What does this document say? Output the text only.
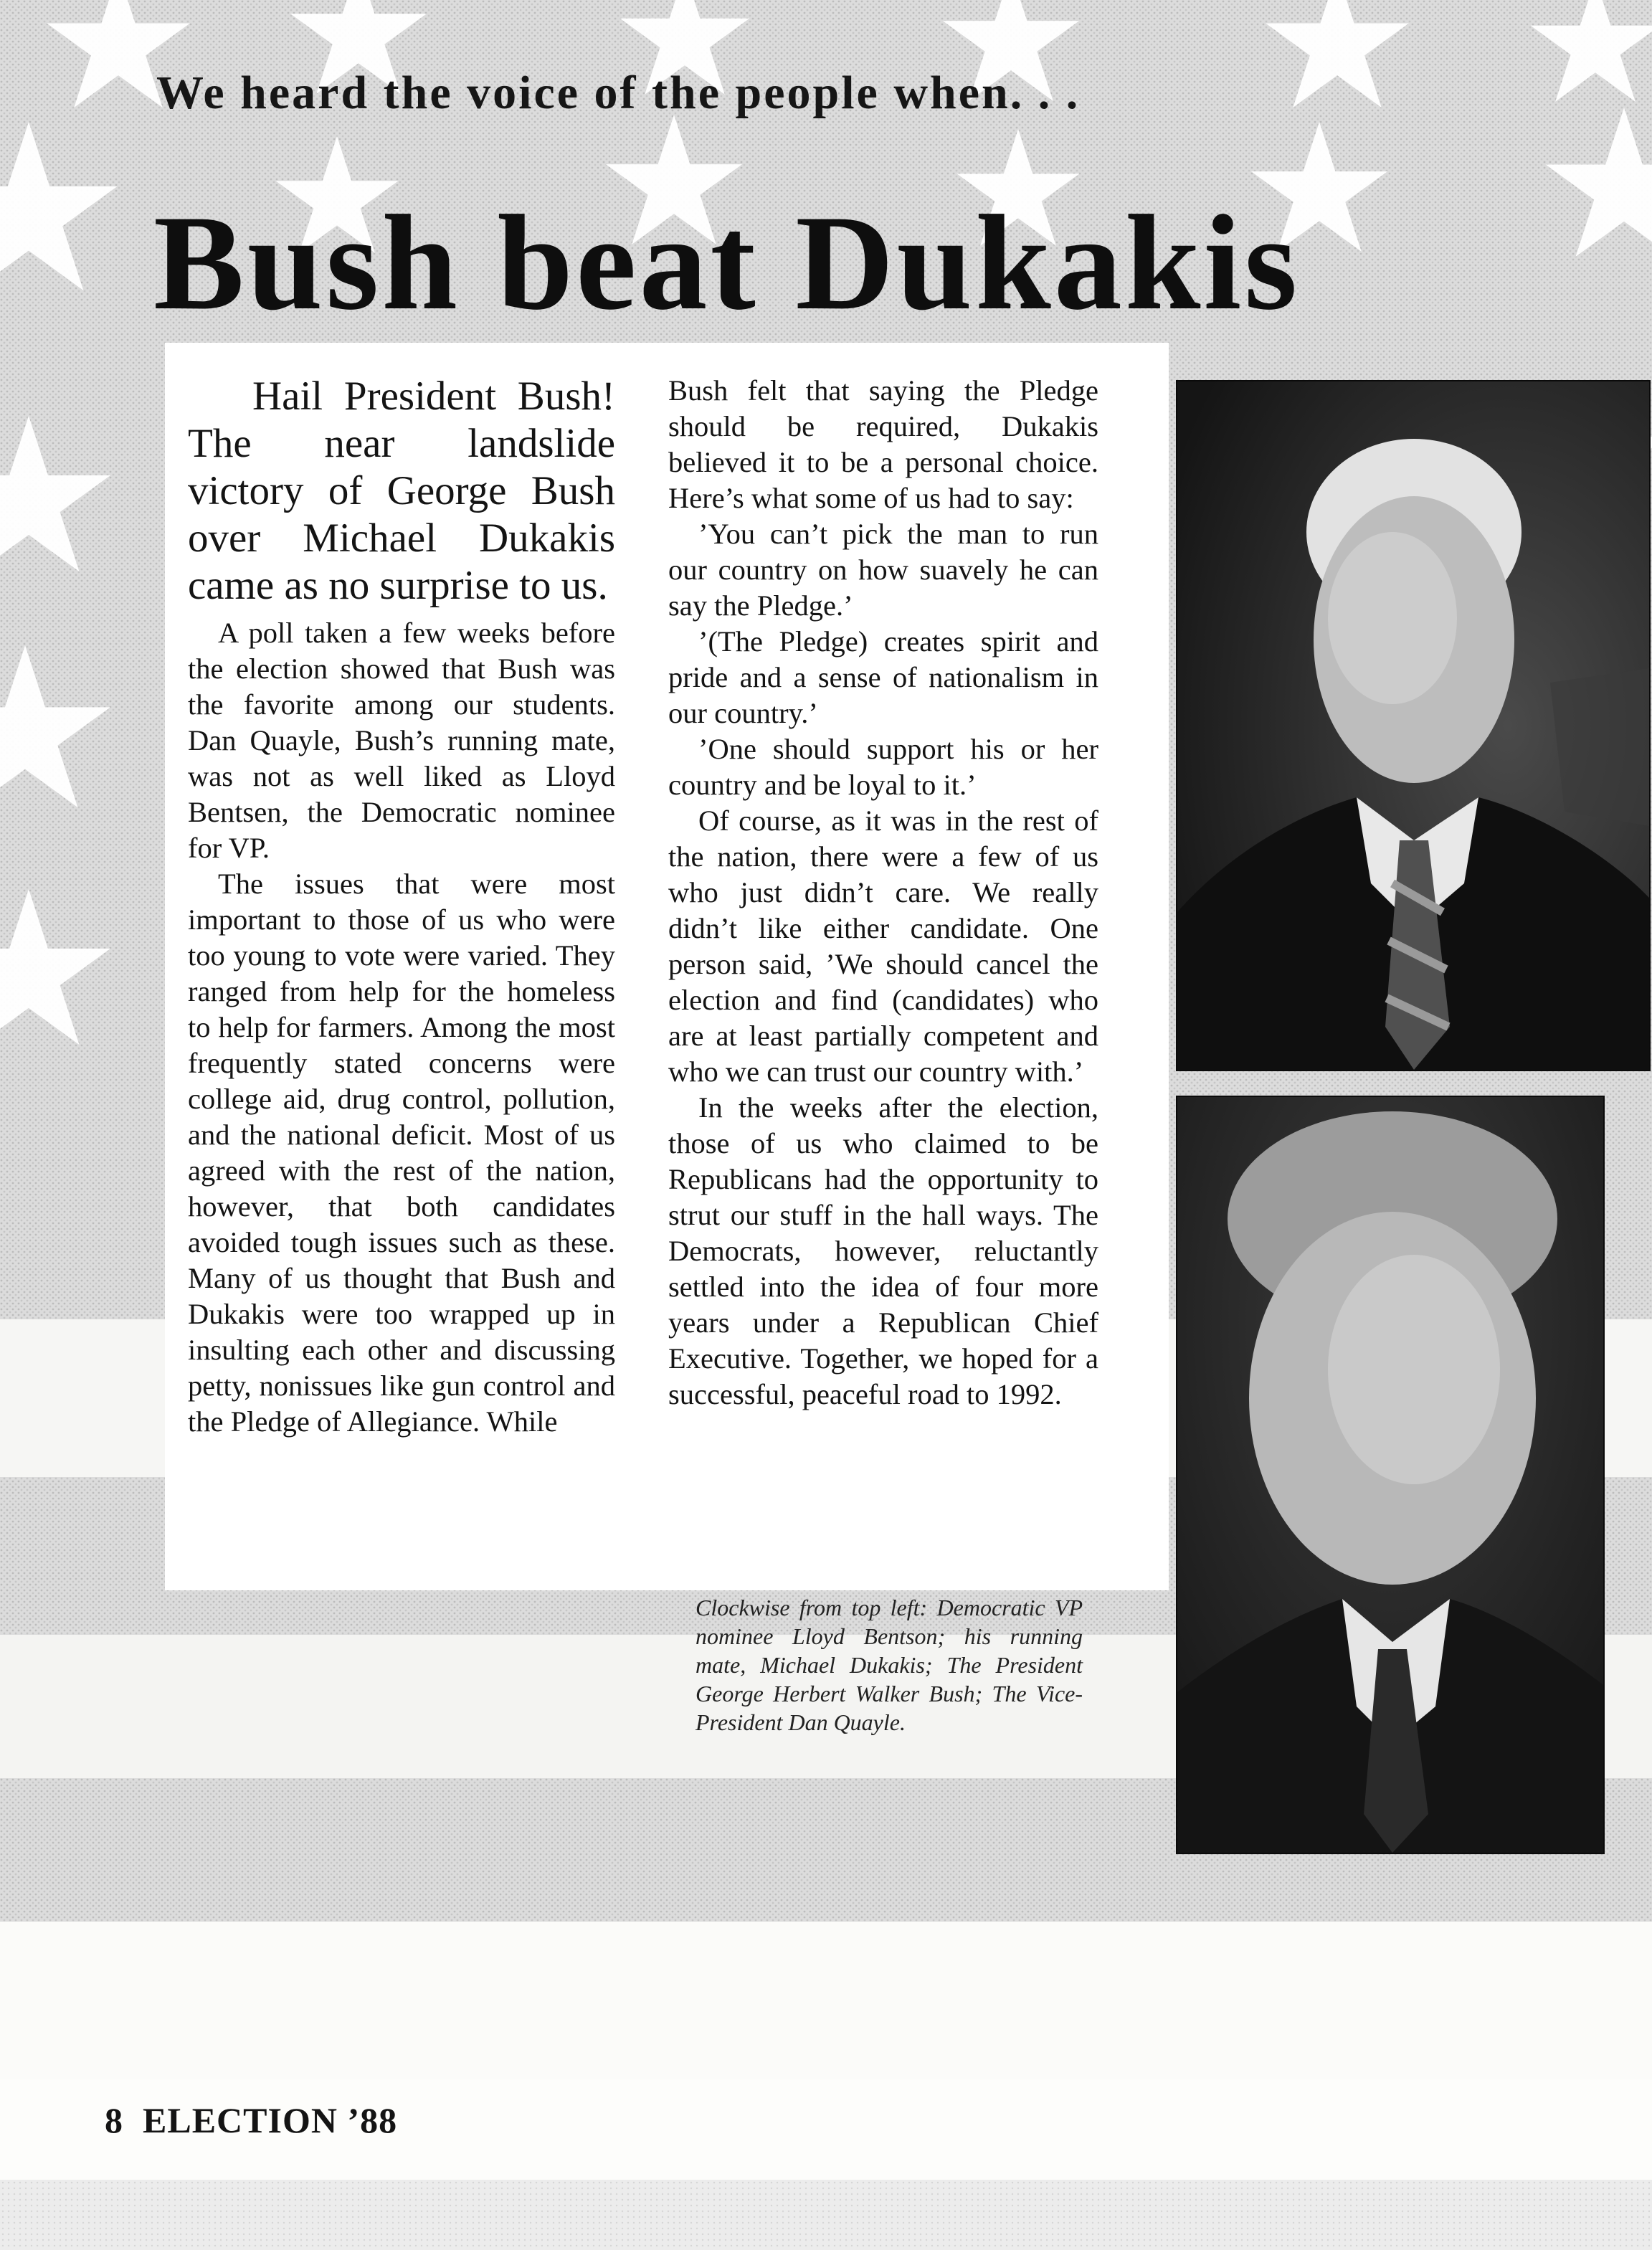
We heard the voice of the people when. . .
Bush beat Dukakis

Hail President Bush! The near landslide victory of George Bush over Michael Dukakis came as no surprise to us.

A poll taken a few weeks before the election showed that Bush was the favorite among our students. Dan Quayle, Bush’s running mate, was not as well liked as Lloyd Bentsen, the Democratic nominee for VP.

The issues that were most important to those of us who were too young to vote were varied. They ranged from help for the homeless to help for farmers. Among the most frequently stated concerns were college aid, drug control, pollution, and the national deficit. Most of us agreed with the rest of the nation, however, that both candidates avoided tough issues such as these. Many of us thought that Bush and Dukakis were too wrapped up in insulting each other and discussing petty, nonissues like gun control and the Pledge of Allegiance. While

Bush felt that saying the Pledge should be required, Dukakis believed it to be a personal choice. Here’s what some of us had to say:

’You can’t pick the man to run our country on how suavely he can say the Pledge.’

’(The Pledge) creates spirit and pride and a sense of nationalism in our country.’

’One should support his or her country and be loyal to it.’

Of course, as it was in the rest of the nation, there were a few of us who just didn’t care. We really didn’t like either candidate. One person said, ’We should cancel the election and find (candidates) who are at least partially competent and who we can trust our country with.’

In the weeks after the election, those of us who claimed to be Republicans had the opportunity to strut our stuff in the hall ways. The Democrats, however, reluctantly settled into the idea of four more years under a Republican Chief Executive. Together, we hoped for a successful, peaceful road to 1992.

Clockwise from top left: Democratic VP nominee Lloyd Bentson; his running mate, Michael Dukakis; The President George Herbert Walker Bush; The Vice-President Dan Quayle.

8 ELECTION ’88
